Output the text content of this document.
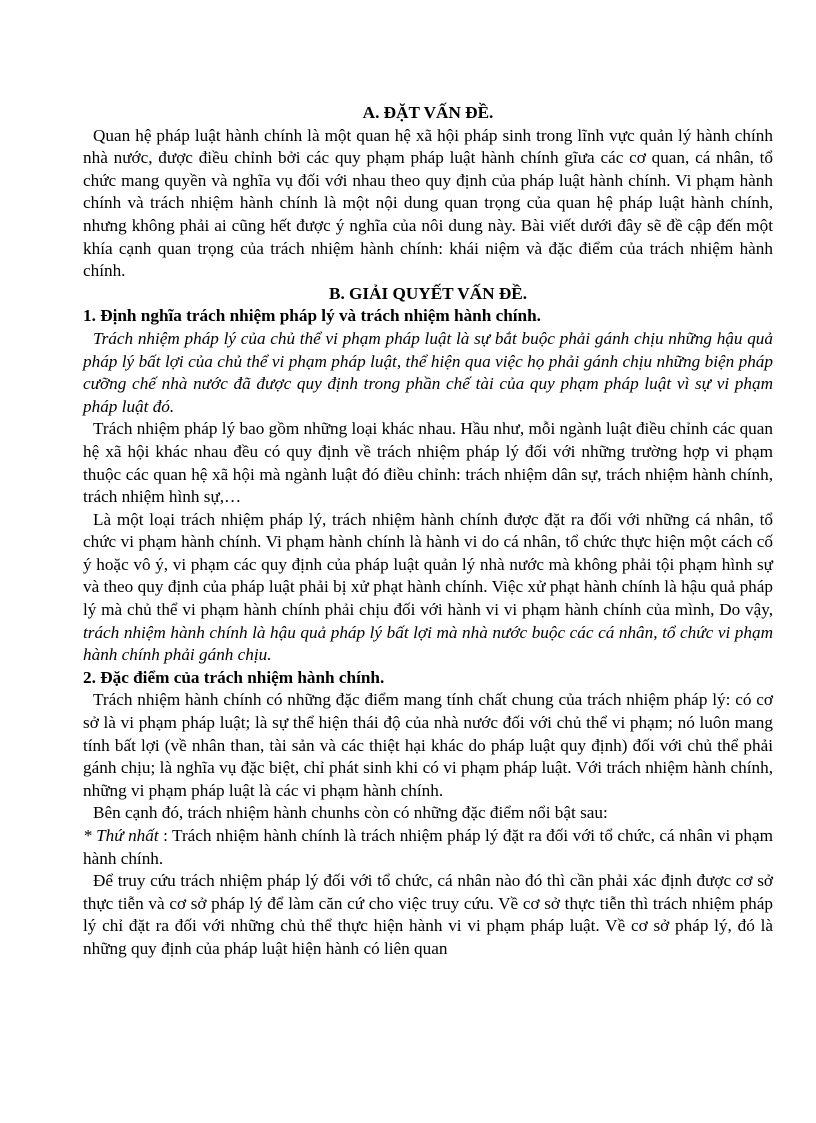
A. ĐẶT VẤN ĐỀ.

Quan hệ pháp luật hành chính là một quan hệ xã hội pháp sinh trong lĩnh vực quản lý hành chính nhà nước, được điều chỉnh bởi các quy phạm pháp luật hành chính gĩưa các cơ quan, cá nhân, tổ chức mang quyền và nghĩa vụ đối với nhau theo quy định của pháp luật hành chính. Vi phạm hành chính và trách nhiệm hành chính là một nội dung quan trọng của quan hệ pháp luật hành chính, nhưng không phải ai cũng hết được ý nghĩa của nôi dung này. Bài viết dưới đây sẽ đề cập đến một khía cạnh quan trọng của trách nhiệm hành chính: khái niệm và đặc điểm của trách nhiệm hành chính.

B. GIẢI QUYẾT VẤN ĐỀ.
1. Định nghĩa trách nhiệm pháp lý và trách nhiệm hành chính.

Trách nhiệm pháp lý của chủ thể vi phạm pháp luật là sự bắt buộc phải gánh chịu những hậu quả pháp lý bất lợi của chủ thể vi phạm pháp luật, thể hiện qua việc họ phải gánh chịu những biện pháp cưỡng chế nhà nước đã được quy định trong phần chế tài của quy phạm pháp luật vì sự vi phạm pháp luật đó.

Trách nhiệm pháp lý bao gồm những loại khác nhau. Hầu như, mỗi ngành luật điều chỉnh các quan hệ xã hội khác nhau đều có quy định về trách nhiệm pháp lý đối với những trường hợp vi phạm thuộc các quan hệ xã hội mà ngành luật đó điều chỉnh: trách nhiệm dân sự, trách nhiệm hành chính, trách nhiệm hình sự,…

Là một loại trách nhiệm pháp lý, trách nhiệm hành chính được đặt ra đối với những cá nhân, tổ chức vi phạm hành chính. Vi phạm hành chính là hành vi do cá nhân, tổ chức thực hiện một cách cố ý hoặc vô ý, vi phạm các quy định của pháp luật quản lý nhà nước mà không phải tội phạm hình sự và theo quy định của pháp luật phải bị xử phạt hành chính. Việc xử phạt hành chính là hậu quả pháp lý mà chủ thể vi phạm hành chính phải chịu đối với hành vi vi phạm hành chính của mình, Do vậy, trách nhiệm hành chính là hậu quả pháp lý bất lợi mà nhà nước buộc các cá nhân, tổ chức vi phạm hành chính phải gánh chịu.

2. Đặc điểm của trách nhiệm hành chính.

Trách nhiệm hành chính có những đặc điểm mang tính chất chung của trách nhiệm pháp lý: có cơ sở là vi phạm pháp luật; là sự thể hiện thái độ của nhà nước đối với chủ thể vi phạm; nó luôn mang tính bất lợi (về nhân than, tài sản và các thiệt hại khác do pháp luật quy định) đối với chủ thể phải gánh chịu; là nghĩa vụ đặc biệt, chỉ phát sinh khi có vi phạm pháp luật. Với trách nhiệm hành chính, những vi phạm pháp luật là các vi phạm hành chính.

Bên cạnh đó, trách nhiệm hành chunhs còn có những đặc điểm nổi bật sau:

* Thứ nhất : Trách nhiệm hành chính là trách nhiệm pháp lý đặt ra đối với tổ chức, cá nhân vi phạm hành chính.

Để truy cứu trách nhiệm pháp lý đối với tổ chức, cá nhân nào đó thì cần phải xác định được cơ sở thực tiễn và cơ sở pháp lý để làm căn cứ cho việc truy cứu. Về cơ sở thực tiễn thì trách nhiệm pháp lý chỉ đặt ra đối với những chủ thể thực hiện hành vi vi phạm pháp luật. Về cơ sở pháp lý, đó là những quy định của pháp luật hiện hành có liên quan
